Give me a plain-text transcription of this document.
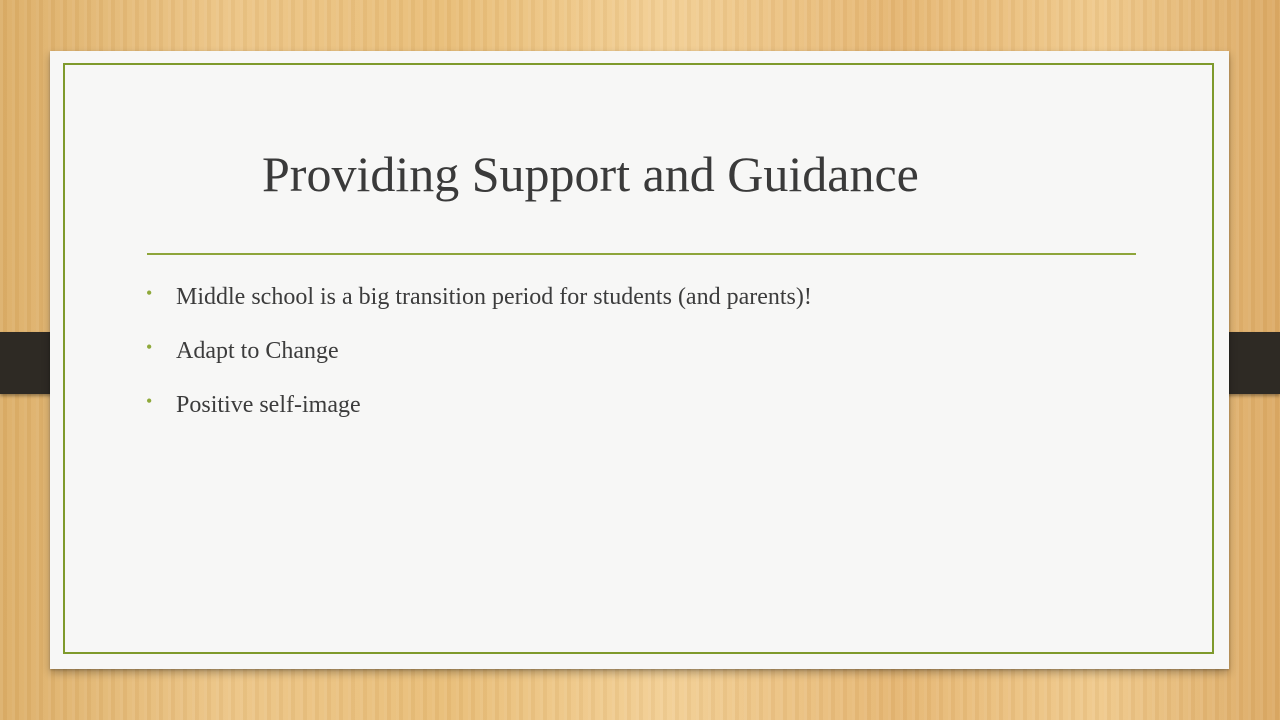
Providing Support and Guidance
• Middle school is a big transition period for students (and parents)!
• Adapt to Change
• Positive self-image
